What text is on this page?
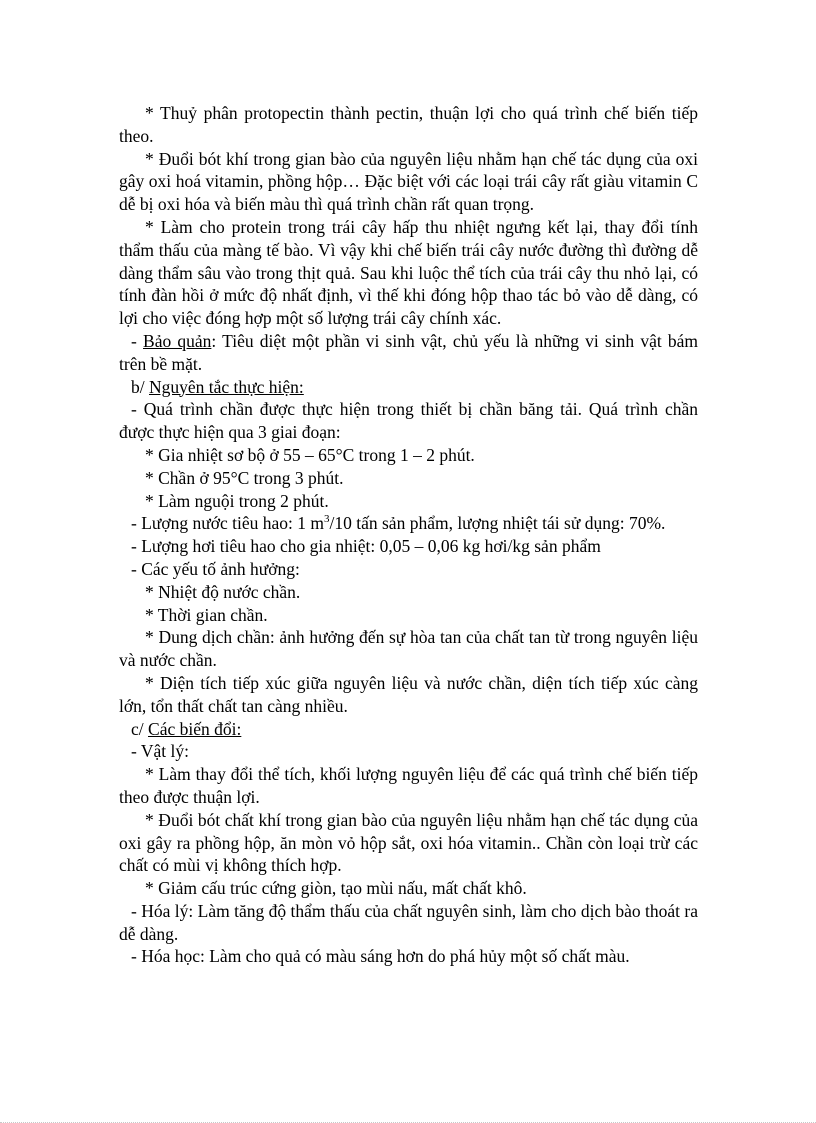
* Thuỷ phân protopectin thành pectin, thuận lợi cho quá trình chế biến tiếp theo.

* Đuổi bót khí trong gian bào của nguyên liệu nhằm hạn chế tác dụng của oxi gây oxi hoá vitamin, phồng hộp… Đặc biệt với các loại trái cây rất giàu vitamin C dễ bị oxi hóa và biến màu thì quá trình chần rất quan trọng.

* Làm cho protein trong trái cây hấp thu nhiệt ngưng kết lại, thay đổi tính thẩm thấu của màng tế bào. Vì vậy khi chế biến trái cây nước đường thì đường dễ dàng thẩm sâu vào trong thịt quả. Sau khi luộc thể tích của trái cây thu nhỏ lại, có tính đàn hồi ở mức độ nhất định, vì thế khi đóng hộp thao tác bỏ vào dễ dàng, có lợi cho việc đóng hợp một số lượng trái cây chính xác.

- Bảo quản: Tiêu diệt một phần vi sinh vật, chủ yếu là những vi sinh vật bám trên bề mặt.

b/ Nguyên tắc thực hiện:

- Quá trình chần được thực hiện trong thiết bị chần băng tải. Quá trình chần được thực hiện qua 3 giai đoạn:

* Gia nhiệt sơ bộ ở 55 – 65°C trong 1 – 2 phút.

* Chần ở 95°C trong 3 phút.

* Làm nguội trong 2 phút.

- Lượng nước tiêu hao: 1 $m^3/10$ tấn sản phẩm, lượng nhiệt tái sử dụng: 70%.

- Lượng hơi tiêu hao cho gia nhiệt: 0,05 – 0,06 kg hơi/kg sản phẩm

- Các yếu tố ảnh hưởng:

* Nhiệt độ nước chần.

* Thời gian chần.

* Dung dịch chần: ảnh hưởng đến sự hòa tan của chất tan từ trong nguyên liệu và nước chần.

* Diện tích tiếp xúc giữa nguyên liệu và nước chần, diện tích tiếp xúc càng lớn, tổn thất chất tan càng nhiều.

c/ Các biến đổi:

- Vật lý:

* Làm thay đổi thể tích, khối lượng nguyên liệu để các quá trình chế biến tiếp theo được thuận lợi.

* Đuổi bót chất khí trong gian bào của nguyên liệu nhằm hạn chế tác dụng của oxi gây ra phồng hộp, ăn mòn vỏ hộp sắt, oxi hóa vitamin.. Chần còn loại trừ các chất có mùi vị không thích hợp.

* Giảm cấu trúc cứng giòn, tạo mùi nấu, mất chất khô.

- Hóa lý: Làm tăng độ thẩm thấu của chất nguyên sinh, làm cho dịch bào thoát ra dễ dàng.

- Hóa học: Làm cho quả có màu sáng hơn do phá hủy một số chất màu.
